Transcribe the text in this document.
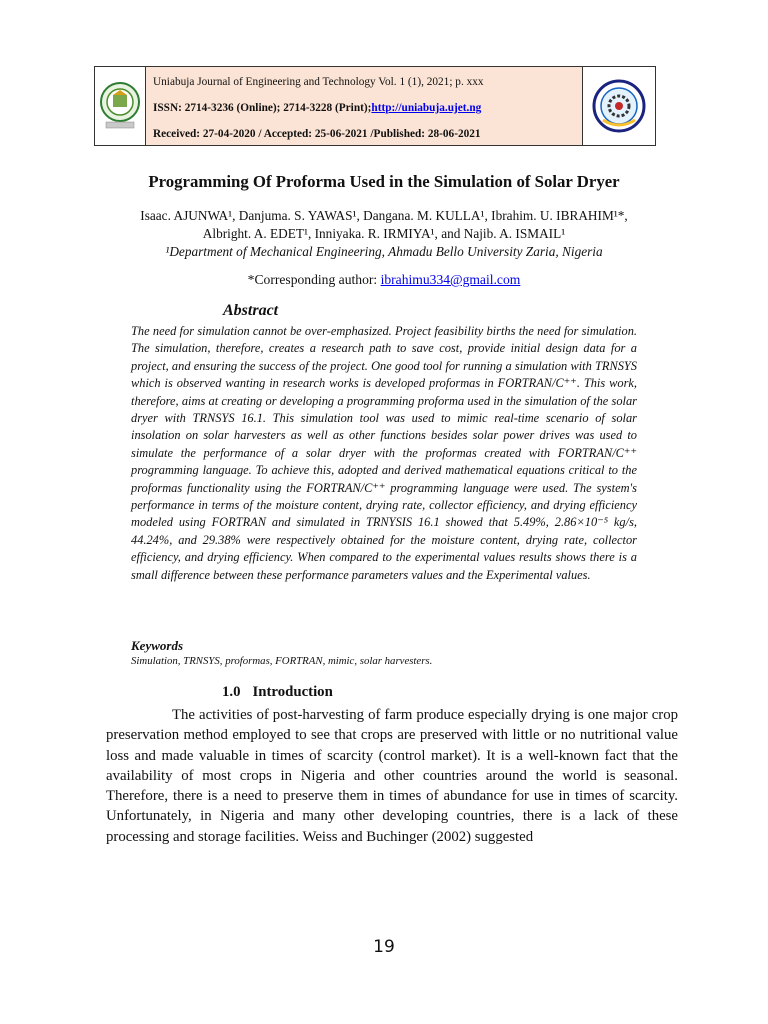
Uniabuja Journal of Engineering and Technology Vol. 1 (1), 2021; p. xxx
ISSN: 2714-3236 (Online); 2714-3228 (Print); http://uniabuja.ujet.ng
Received: 27-04-2020 / Accepted: 25-06-2021 /Published: 28-06-2021
Programming Of Proforma Used in the Simulation of Solar Dryer
Isaac. AJUNWA¹, Danjuma. S. YAWAS¹, Dangana. M. KULLA¹, Ibrahim. U. IBRAHIM¹*,
Albright. A. EDET¹, Inniyaka. R. IRMIYA¹, and Najib. A. ISMAIL¹
¹Department of Mechanical Engineering, Ahmadu Bello University Zaria, Nigeria
*Corresponding author: ibrahimu334@gmail.com
Abstract
The need for simulation cannot be over-emphasized. Project feasibility births the need for simulation. The simulation, therefore, creates a research path to save cost, provide initial design data for a project, and ensuring the success of the project. One good tool for running a simulation with TRNSYS which is observed wanting in research works is developed proformas in FORTRAN/C⁺⁺. This work, therefore, aims at creating or developing a programming proforma used in the simulation of the solar dryer with TRNSYS 16.1. This simulation tool was used to mimic real-time scenario of solar insolation on solar harvesters as well as other functions besides solar power drives was used to simulate the performance of a solar dryer with the proformas created with FORTRAN/C⁺⁺ programming language. To achieve this, adopted and derived mathematical equations critical to the proformas functionality using the FORTRAN/C⁺⁺ programming language were used. The system's performance in terms of the moisture content, drying rate, collector efficiency, and drying efficiency modeled using FORTRAN and simulated in TRNYSIS 16.1 showed that 5.49%, 2.86×10⁻⁵ kg/s, 44.24%, and 29.38% were respectively obtained for the moisture content, drying rate, collector efficiency, and drying efficiency. When compared to the experimental values results shows there is a small difference between these performance parameters values and the Experimental values.
Keywords
Simulation, TRNSYS, proformas, FORTRAN, mimic, solar harvesters.
1.0 Introduction
The activities of post-harvesting of farm produce especially drying is one major crop preservation method employed to see that crops are preserved with little or no nutritional value loss and made valuable in times of scarcity (control market). It is a well-known fact that the availability of most crops in Nigeria and other countries around the world is seasonal. Therefore, there is a need to preserve them in times of abundance for use in times of scarcity. Unfortunately, in Nigeria and many other developing countries, there is a lack of these processing and storage facilities. Weiss and Buchinger (2002) suggested
19
